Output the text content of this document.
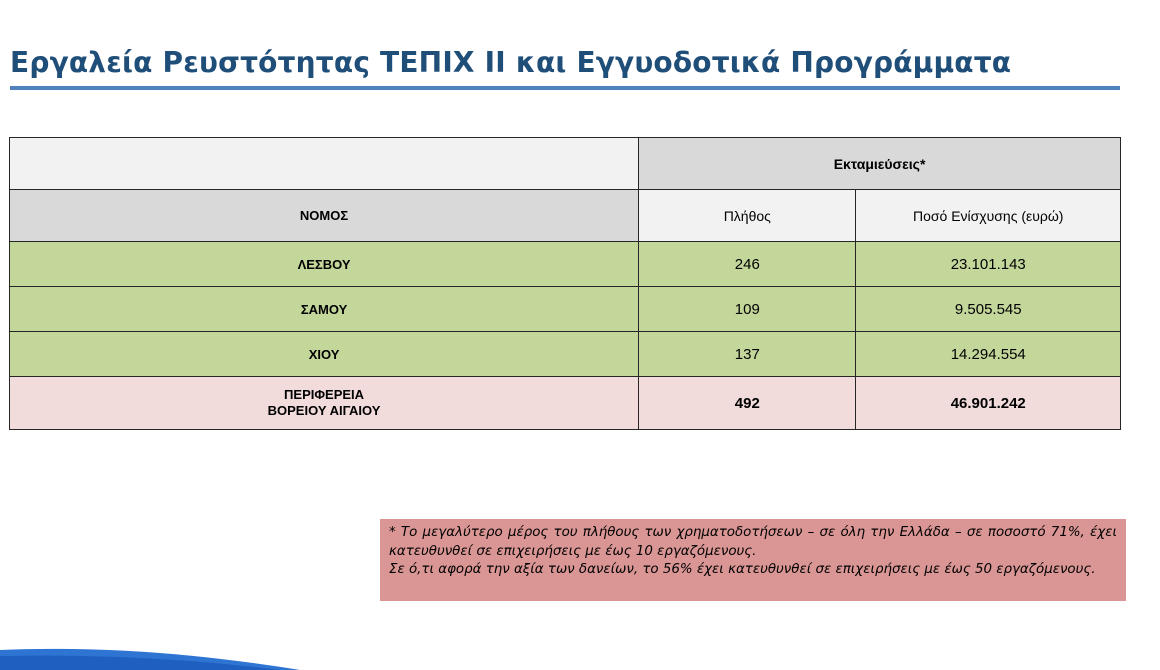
Εργαλεία Ρευστότητας ΤΕΠΙΧ ΙΙ και Εγγυοδοτικά Προγράμματα
	Εκταμιεύσεις*	
ΝΟΜΟΣ	Πλήθος	Ποσό Ενίσχυσης (ευρώ)
ΛΕΣΒΟΥ	246	23.101.143
ΣΑΜΟΥ	109	9.505.545
ΧΙΟΥ	137	14.294.554

ΠΕΡΙΦΕΡΕΙΑ
ΒΟΡΕΙΟΥ ΑΙΓΑΙΟΥ	492	46.901.242

* Το μεγαλύτερο μέρος του πλήθους των χρηματοδοτήσεων – σε όλη την Ελλάδα – σε ποσοστό 71%, έχει κατευθυνθεί σε επιχειρήσεις με έως 10 εργαζόμενους.

Σε ό,τι αφορά την αξία των δανείων, το 56% έχει κατευθυνθεί σε επιχειρήσεις με έως 50 εργαζόμενους.
